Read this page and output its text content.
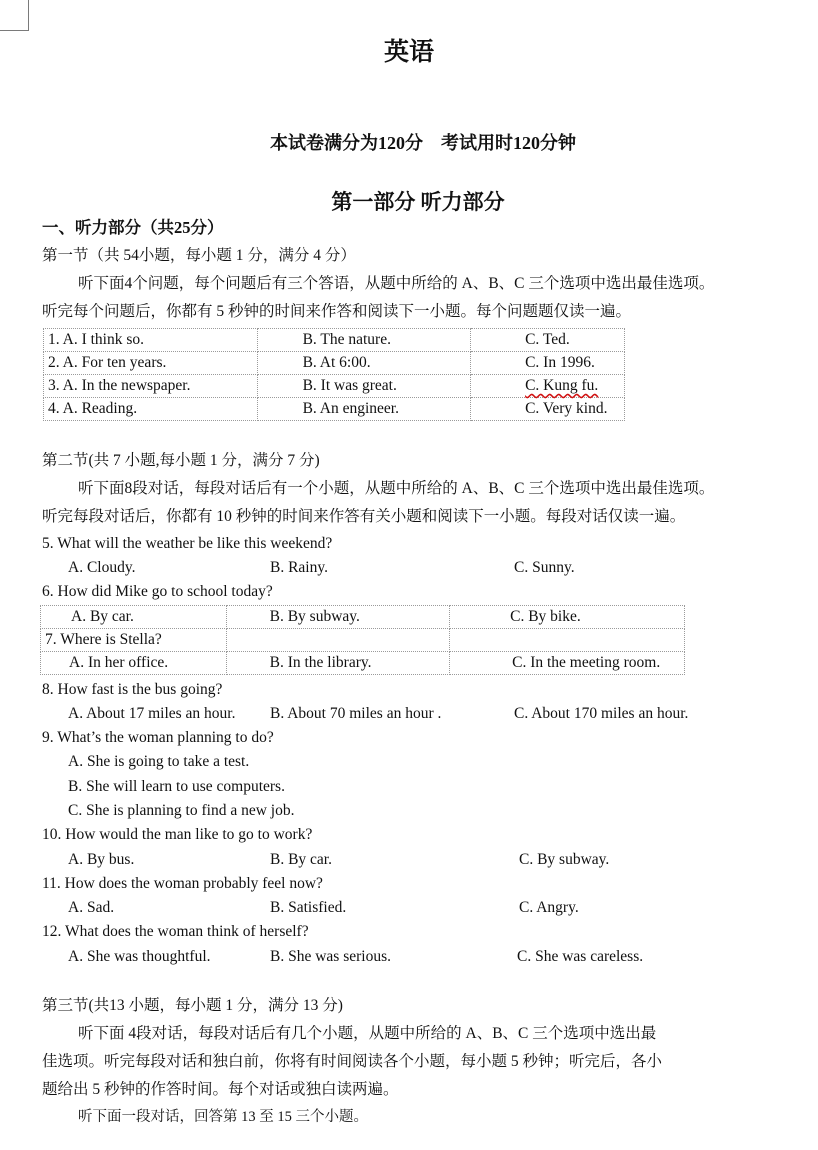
英语
本试卷满分为120分　考试用时120分钟
第一部分 听力部分
一、听力部分（共25分）
第一节（共 54小题，每小题 1 分，满分 4 分）
听下面4个问题，每个问题后有三个答语，从题中所给的 A、B、C 三个选项中选出最佳选项。
听完每个问题后，你都有 5 秒钟的时间来作答和阅读下一小题。每个问题题仅读一遍。
1. A. I think so.	B. The nature.	C. Ted.
2. A. For ten years.	B. At 6:00.	C. In 1996.
3. A. In the newspaper.	B. It was great.	C. Kung fu.
4. A. Reading.	B. An engineer.	C. Very kind.
第二节(共 7 小题,每小题 1 分，满分 7 分)
听下面8段对话，每段对话后有一个小题，从题中所给的 A、B、C 三个选项中选出最佳选项。
听完每段对话后，你都有 10 秒钟的时间来作答有关小题和阅读下一小题。每段对话仅读一遍。
5. What will the weather be like this weekend?
A. Cloudy.	B. Rainy.	C. Sunny.
6. How did Mike go to school today?
A. By car.	B. By subway.	C. By bike.
7. Where is Stella?		
A. In her office.	B. In the library.	C. In the meeting room.
8. How fast is the bus going?
A. About 17 miles an hour. B. About 70 miles an hour .	C. About 170 miles an hour.
9. What’s the woman planning to do?
A. She is going to take a test.
B. She will learn to use computers.
C. She is planning to find a new job.
10. How would the man like to go to work?
A. By bus.	B. By car.	C. By subway.
11. How does the woman probably feel now?
A. Sad.	B. Satisfied.	C. Angry.
12. What does the woman think of herself?
A. She was thoughtful.	B. She was serious.	C. She was careless.
第三节(共13 小题，每小题 1 分，满分 13 分)
听下面 4段对话，每段对话后有几个小题，从题中所给的 A、B、C 三个选项中选出最
佳选项。听完每段对话和独白前，你将有时间阅读各个小题，每小题 5 秒钟；听完后，各小
题给出 5 秒钟的作答时间。每个对话或独白读两遍。
听下面一段对话，回答第 13 至 15 三个小题。
